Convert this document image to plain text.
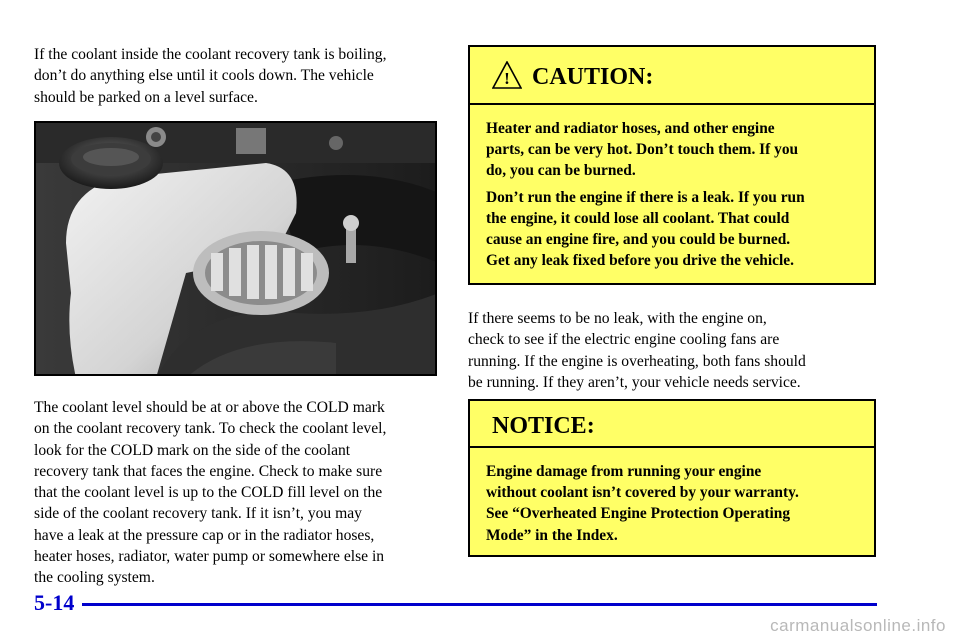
If the coolant inside the coolant recovery tank is boiling,
don’t do anything else until it cools down. The vehicle
should be parked on a level surface.
The coolant level should be at or above the COLD mark
on the coolant recovery tank. To check the coolant level,
look for the COLD mark on the side of the coolant
recovery tank that faces the engine. Check to make sure
that the coolant level is up to the COLD fill level on the
side of the coolant recovery tank. If it isn’t, you may
have a leak at the pressure cap or in the radiator hoses,
heater hoses, radiator, water pump or somewhere else in
the cooling system.
! CAUTION:

Heater and radiator hoses, and other engine
parts, can be very hot. Don’t touch them. If you
do, you can be burned.

Don’t run the engine if there is a leak. If you run
the engine, it could lose all coolant. That could
cause an engine fire, and you could be burned.
Get any leak fixed before you drive the vehicle.

If there seems to be no leak, with the engine on,
check to see if the electric engine cooling fans are
running. If the engine is overheating, both fans should
be running. If they aren’t, your vehicle needs service.
NOTICE:

Engine damage from running your engine
without coolant isn’t covered by your warranty.
See “Overheated Engine Protection Operating
Mode” in the Index.

5-14
carmanualsonline.info
